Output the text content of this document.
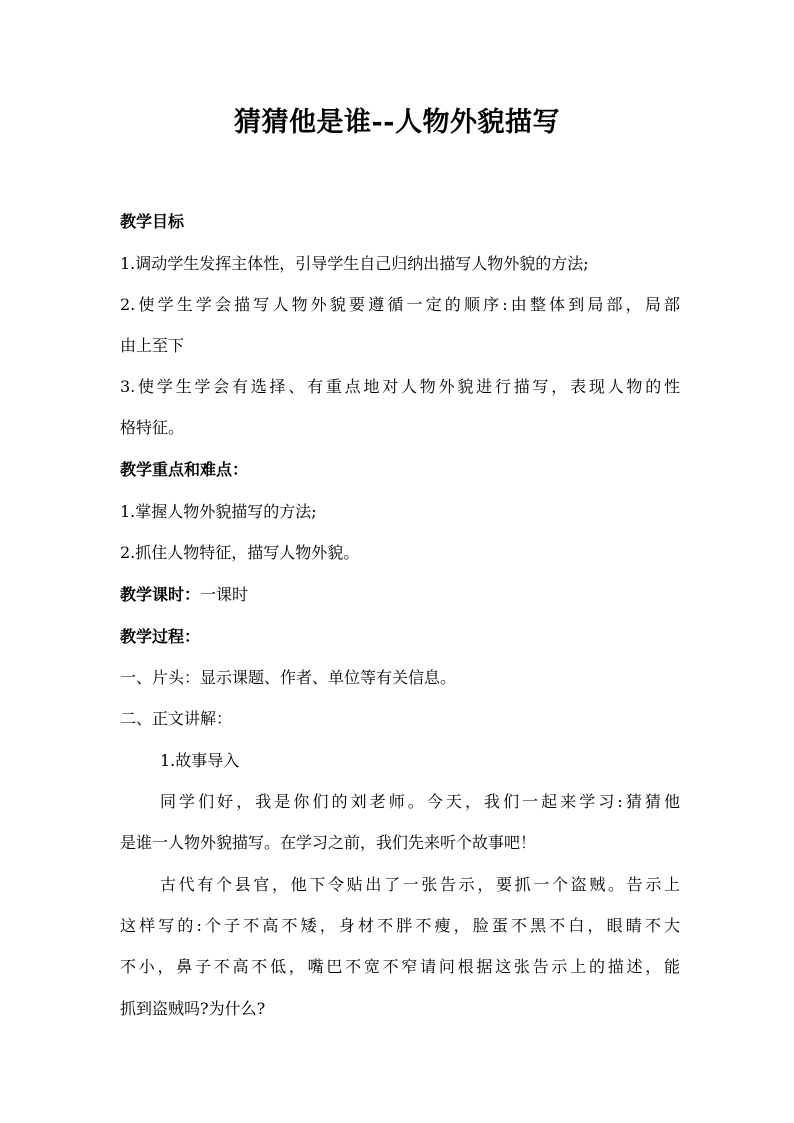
猜猜他是谁--人物外貌描写
教学目标
1.调动学生发挥主体性，引导学生自己归纳出描写人物外貌的方法;
2.使学生学会描写人物外貌要遵循一定的顺序:由整体到局部，局部
由上至下
3.使学生学会有选择、有重点地对人物外貌进行描写，表现人物的性
格特征。
教学重点和难点：
1.掌握人物外貌描写的方法;
2.抓住人物特征，描写人物外貌。
教学课时：一课时
教学过程：
一、片头：显示课题、作者、单位等有关信息。
二、正文讲解：
1.故事导入
同学们好，我是你们的刘老师。今天，我们一起来学习:猜猜他
是谁一人物外貌描写。在学习之前，我们先来听个故事吧！
古代有个县官，他下令贴出了一张告示，要抓一个盗贼。告示上
这样写的:个子不高不矮，身材不胖不瘦，脸蛋不黑不白，眼睛不大
不小，鼻子不高不低，嘴巴不宽不窄请问根据这张告示上的描述，能
抓到盗贼吗?为什么?
